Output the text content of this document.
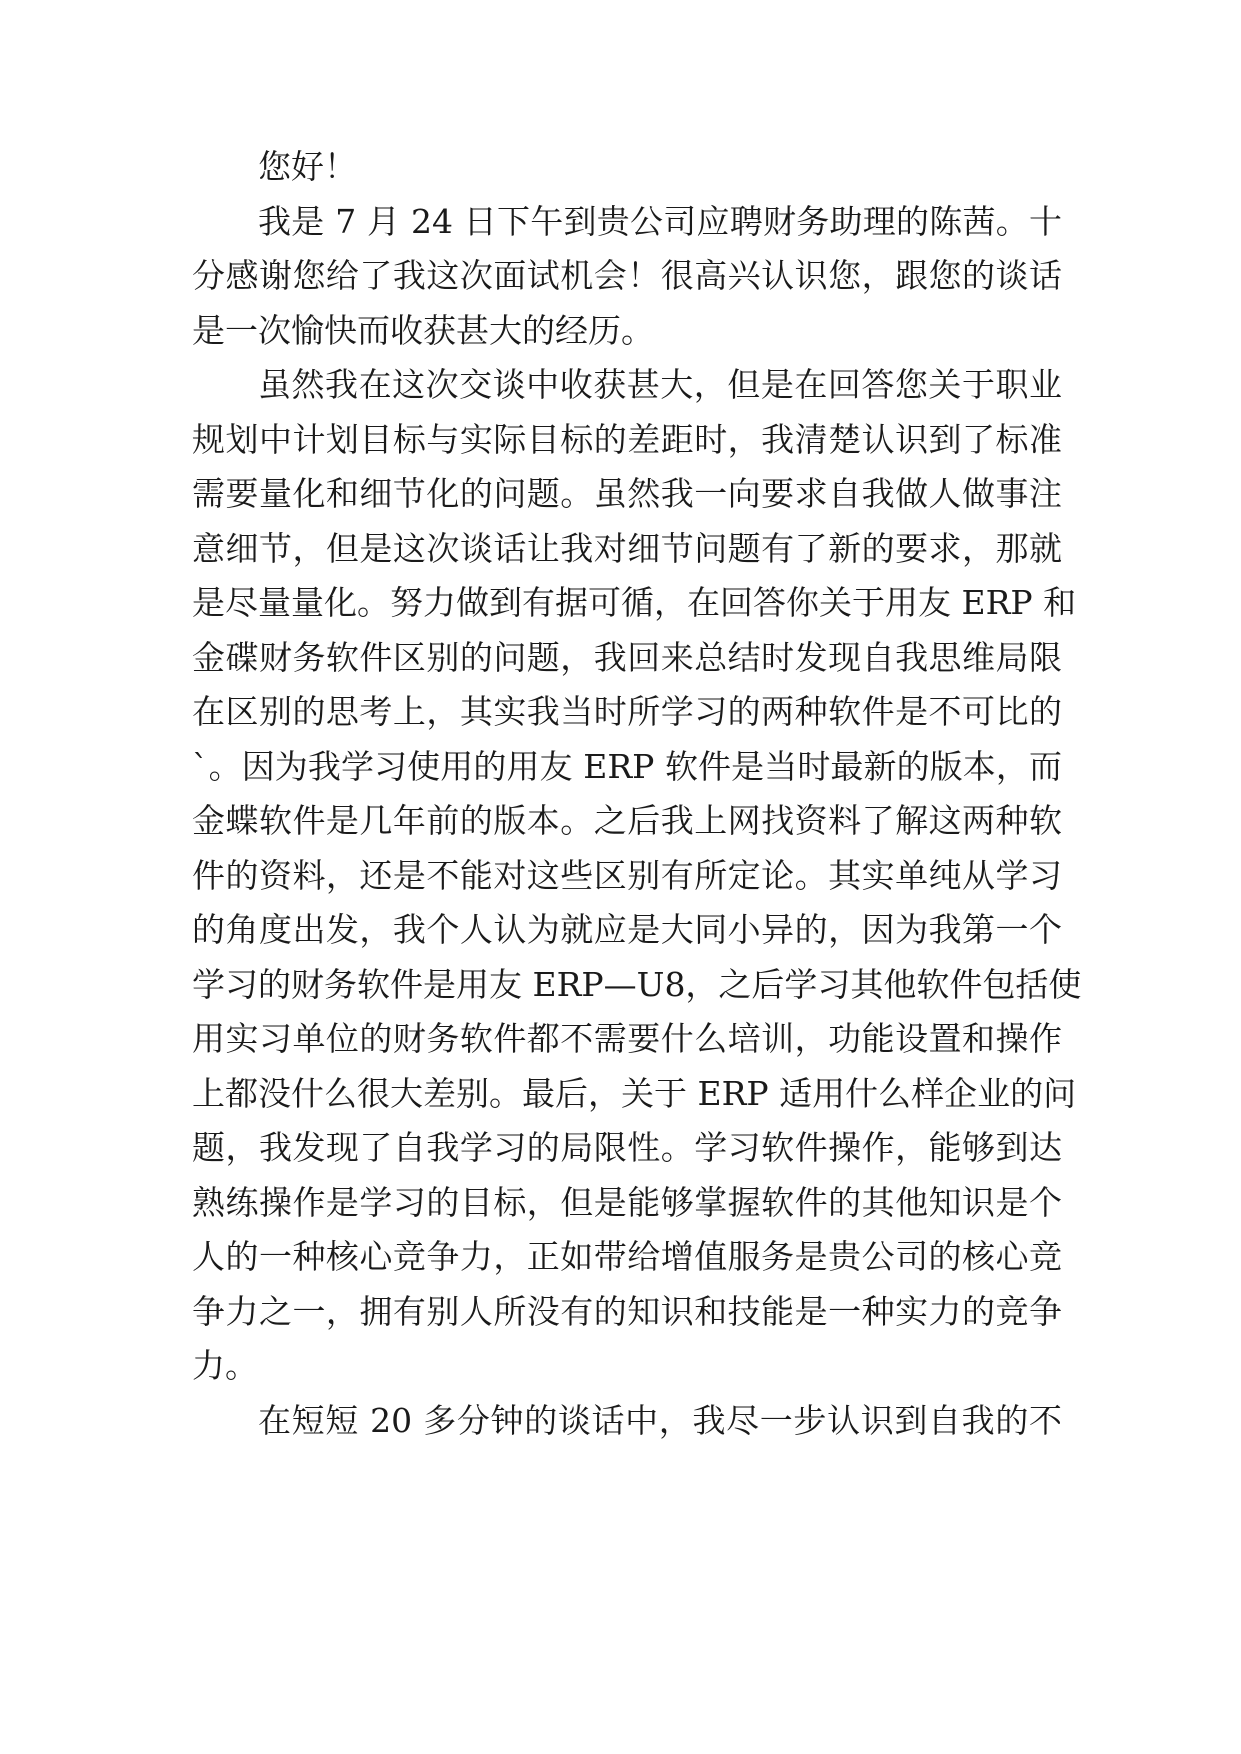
您好！

我是 7 月 24 日下午到贵公司应聘财务助理的陈茜。十

分感谢您给了我这次面试机会！很高兴认识您，跟您的谈话

是一次愉快而收获甚大的经历。

虽然我在这次交谈中收获甚大，但是在回答您关于职业

规划中计划目标与实际目标的差距时，我清楚认识到了标准

需要量化和细节化的问题。虽然我一向要求自我做人做事注

意细节，但是这次谈话让我对细节问题有了新的要求，那就

是尽量量化。努力做到有据可循，在回答你关于用友 ERP 和

金碟财务软件区别的问题，我回来总结时发现自我思维局限

在区别的思考上，其实我当时所学习的两种软件是不可比的

`。因为我学习使用的用友 ERP 软件是当时最新的版本，而

金蝶软件是几年前的版本。之后我上网找资料了解这两种软

件的资料，还是不能对这些区别有所定论。其实单纯从学习

的角度出发，我个人认为就应是大同小异的，因为我第一个

学习的财务软件是用友 ERP—U8，之后学习其他软件包括使

用实习单位的财务软件都不需要什么培训，功能设置和操作

上都没什么很大差别。最后，关于 ERP 适用什么样企业的问

题，我发现了自我学习的局限性。学习软件操作，能够到达

熟练操作是学习的目标，但是能够掌握软件的其他知识是个

人的一种核心竞争力，正如带给增值服务是贵公司的核心竞

争力之一，拥有别人所没有的知识和技能是一种实力的竞争

力。

在短短 20 多分钟的谈话中，我尽一步认识到自我的不
